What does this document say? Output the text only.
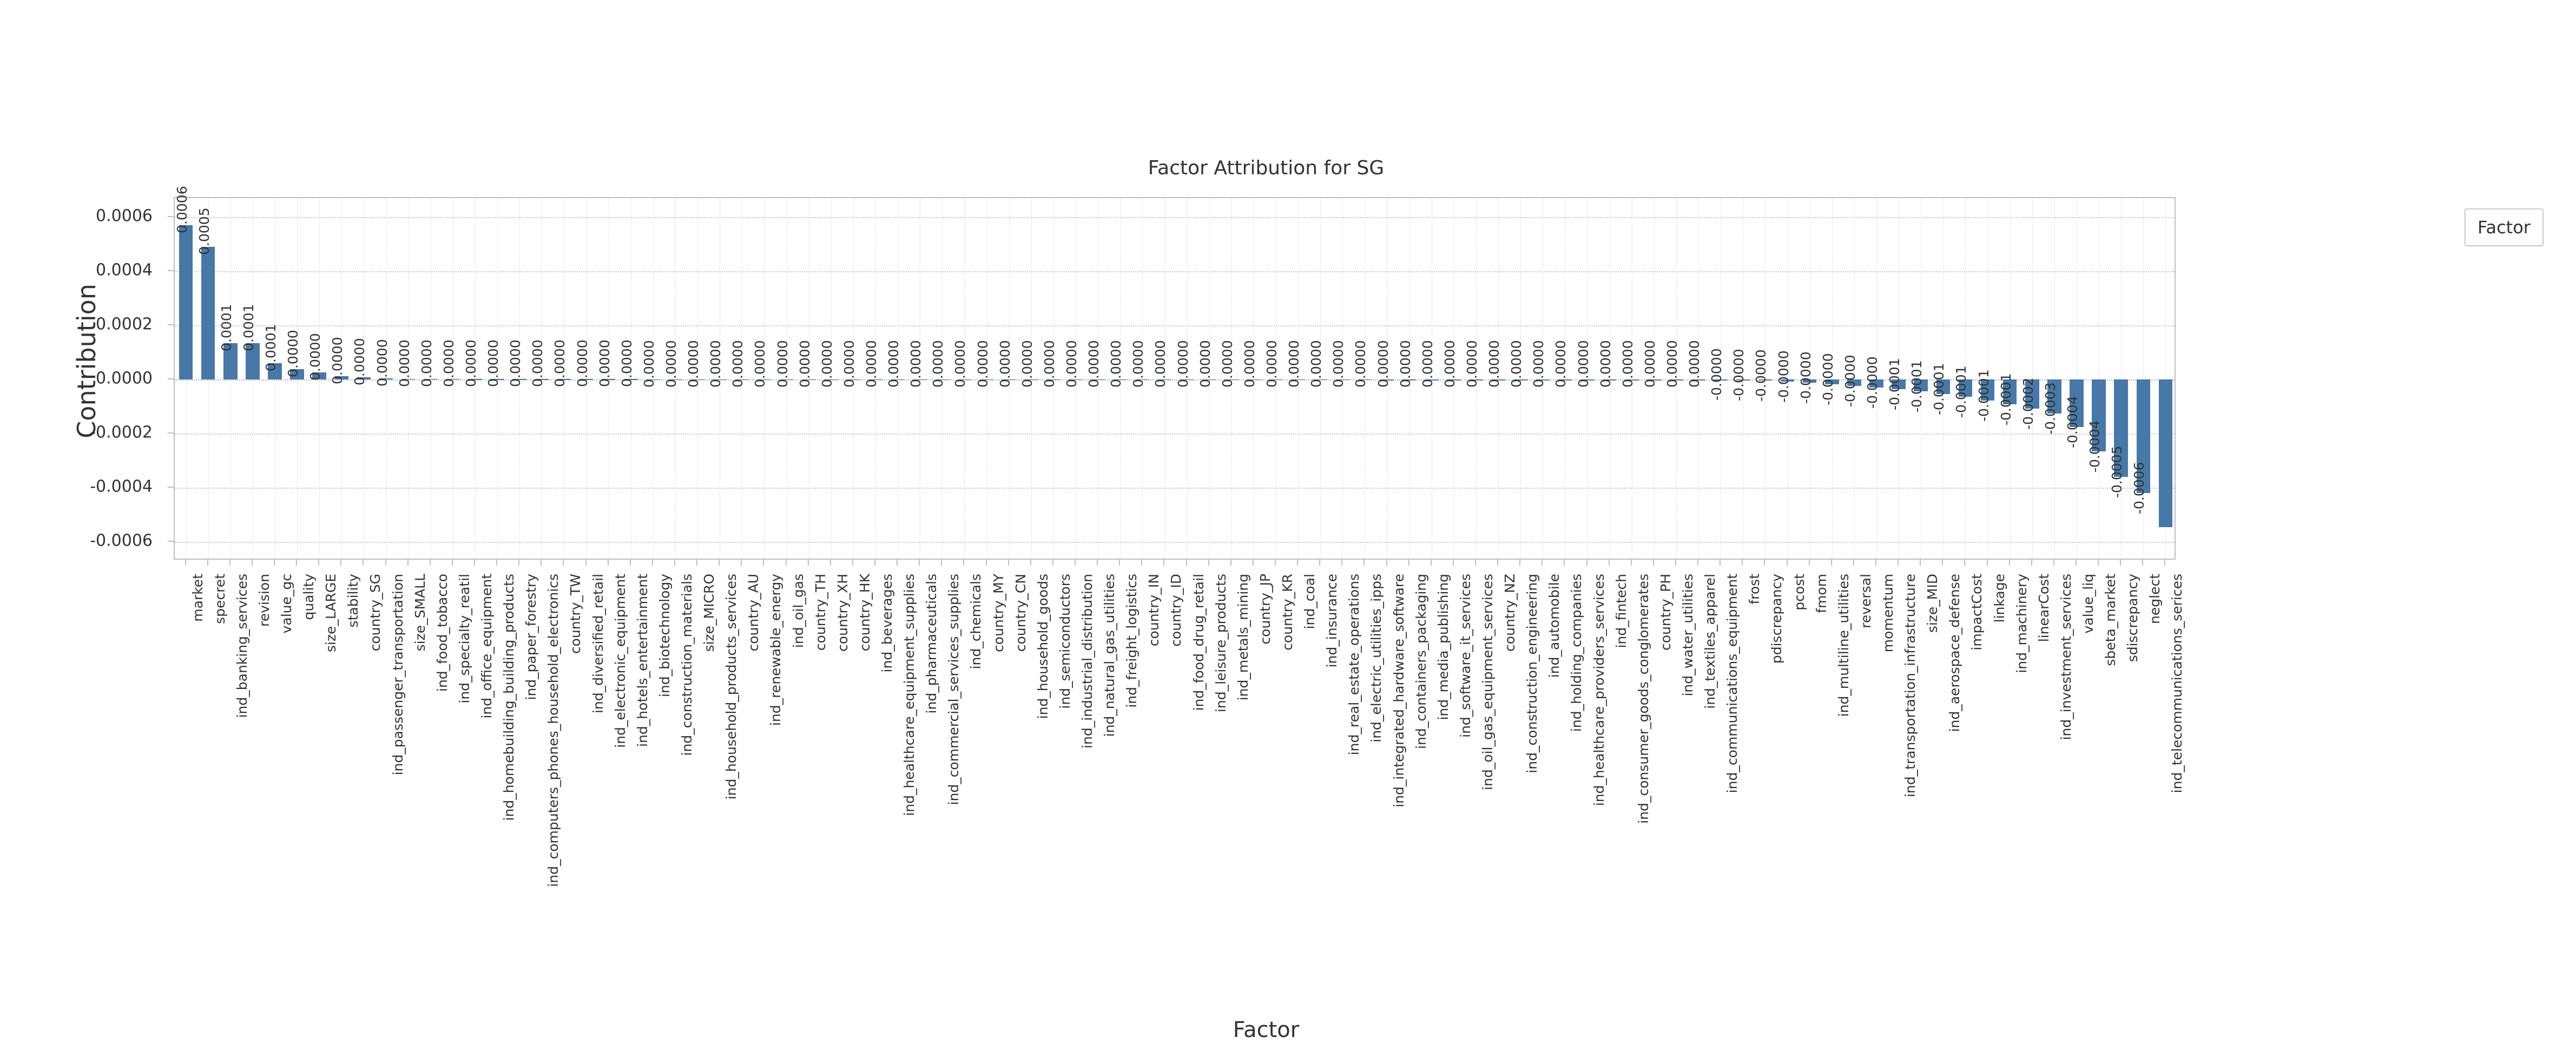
Factor Attribution for SG
Contribution
Factor
0.0006
0.0004
0.0002
0.0000
-0.0002
-0.0004
-0.0006
market specret ind_banking_services revision value_gc quality size_LARGE stability country_SG ind_passenger_transportation size_SMALL ind_food_tobacco ind_specialty_reatil ind_office_equipment ind_homebuilding_building_products ind_paper_forestry ind_computers_phones_household_electronics country_TW ind_diversified_retail ind_electronic_equipment ind_hotels_entertainment ind_biotechnology ind_construction_materials size_MICRO ind_household_products_services country_AU ind_renewable_energy ind_oil_gas country_TH country_XH country_HK ind_beverages ind_healthcare_equipment_supplies ind_pharmaceuticals ind_commercial_services_supplies ind_chemicals country_MY country_CN ind_household_goods ind_semiconductors ind_industrial_distribution ind_natural_gas_utilities ind_freight_logistics country_IN country_ID ind_food_drug_retail ind_leisure_products ind_metals_mining country_JP country_KR ind_coal ind_insurance ind_real_estate_operations ind_electric_utilities_ipps ind_integrated_hardware_software ind_containers_packaging ind_media_publishing ind_software_it_services ind_oil_gas_equipment_services country_NZ ind_construction_engineering ind_automobile ind_holding_companies ind_healthcare_providers_services ind_fintech ind_consumer_goods_conglomerates country_PH ind_water_utilities ind_textiles_apparel ind_communications_equipment frost pdiscrepancy pcost fmom ind_multiline_utilities reversal momentum ind_transportation_infrastructure size_MID ind_aerospace_defense impactCost linkage ind_machinery linearCost ind_investment_services value_liq sbeta_market sdiscrepancy neglect ind_telecommunications_serices
0.0006 0.0005
0.0001 0.0001 0.0001 0.0000 0.0000 0.0000 0.0000 0.0000 0.0000 0.0000 0.0000 0.0000 0.0000 0.0000 0.0000 0.0000 0.0000 0.0000 0.0000 0.0000 0.0000 0.0000 0.0000 0.0000 0.0000 0.0000 0.0000 0.0000 0.0000 0.0000 0.0000 0.0000 0.0000 0.0000 0.0000 0.0000 0.0000 0.0000 0.0000 0.0000 0.0000 0.0000 0.0000 0.0000 0.0000 0.0000 0.0000 0.0000 0.0000 0.0000 0.0000 0.0000 0.0000 0.0000 0.0000 0.0000 0.0000 0.0000 0.0000 0.0000 0.0000 0.0000 0.0000 0.0000 0.0000 0.0000 0.0000 -0.0000 -0.0000 -0.0000 -0.0000 -0.0000 -0.0000 -0.0000 -0.0000 -0.0001 -0.0001 -0.0001 -0.0001 -0.0001 -0.0001 -0.0002 -0.0003 -0.0004 -0.0004 -0.0005 -0.0006
Factor
